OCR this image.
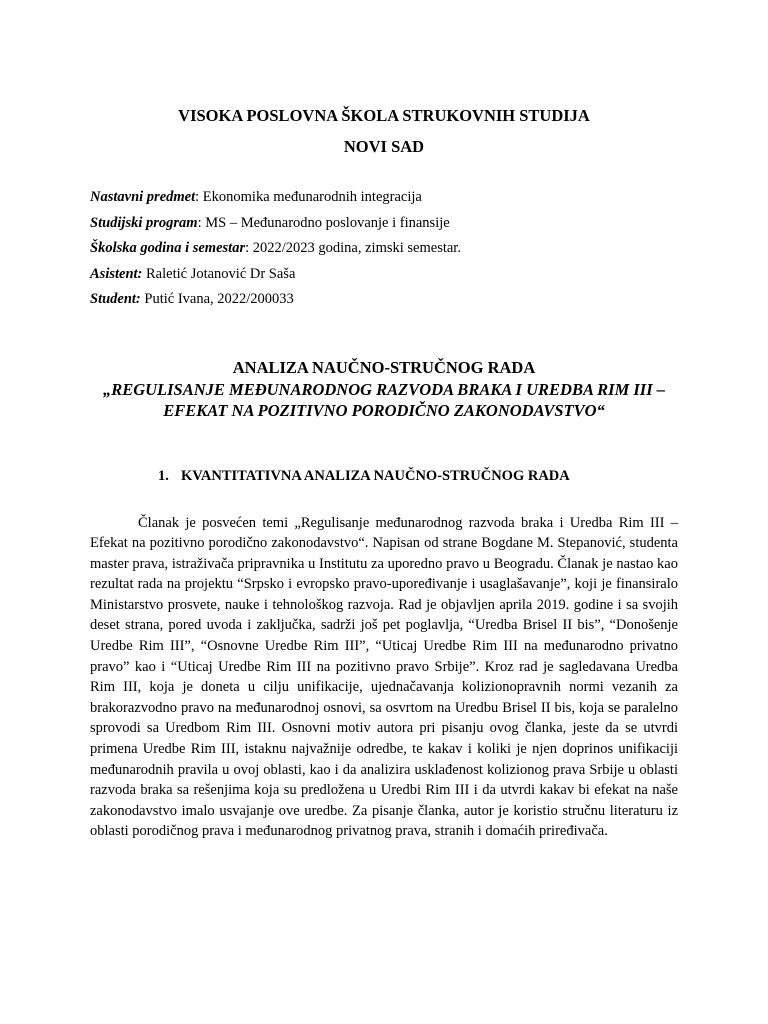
VISOKA POSLOVNA ŠKOLA STRUKOVNIH STUDIJA

NOVI SAD

Nastavni predmet: Ekonomika međunarodnih integracija

Studijski program: MS – Međunarodno poslovanje i finansije

Školska godina i semestar: 2022/2023 godina, zimski semestar.

Asistent: Raletić Jotanović Dr Saša

Student: Putić Ivana, 2022/200033

ANALIZA NAUČNO-STRUČNOG RADA

„REGULISANJE MEĐUNARODNOG RAZVODA BRAKA I UREDBA RIM III – EFEKAT NA POZITIVNO PORODIČNO ZAKONODAVSTVO“

1. KVANTITATIVNA ANALIZA NAUČNO-STRUČNOG RADA

Članak je posvećen temi „Regulisanje međunarodnog razvoda braka i Uredba Rim III – Efekat na pozitivno porodično zakonodavstvo“. Napisan od strane Bogdane M. Stepanović, studenta master prava, istraživača pripravnika u Institutu za uporedno pravo u Beogradu. Članak je nastao kao rezultat rada na projektu “Srpsko i evropsko pravo-upoređivanje i usaglašavanje”, koji je finansiralo Ministarstvo prosvete, nauke i tehnološkog razvoja. Rad je objavljen aprila 2019. godine i sa svojih deset strana, pored uvoda i zaključka, sadrži još pet poglavlja, “Uredba Brisel II bis”, “Donošenje Uredbe Rim III”, “Osnovne Uredbe Rim III”, “Uticaj Uredbe Rim III na međunarodno privatno pravo” kao i “Uticaj Uredbe Rim III na pozitivno pravo Srbije”. Kroz rad je sagledavana Uredba Rim III, koja je doneta u cilju unifikacije, ujednačavanja kolizionopravnih normi vezanih za brakorazvodno pravo na međunarodnoj osnovi, sa osvrtom na Uredbu Brisel II bis, koja se paralelno sprovodi sa Uredbom Rim III. Osnovni motiv autora pri pisanju ovog članka, jeste da se utvrdi primena Uredbe Rim III, istaknu najvažnije odredbe, te kakav i koliki je njen doprinos unifikaciji međunarodnih pravila u ovoj oblasti, kao i da analizira usklađenost kolizionog prava Srbije u oblasti razvoda braka sa rešenjima koja su predložena u Uredbi Rim III i da utvrdi kakav bi efekat na naše zakonodavstvo imalo usvajanje ove uredbe. Za pisanje članka, autor je koristio stručnu literaturu iz oblasti porodičnog prava i međunarodnog privatnog prava, stranih i domaćih priređivača.
